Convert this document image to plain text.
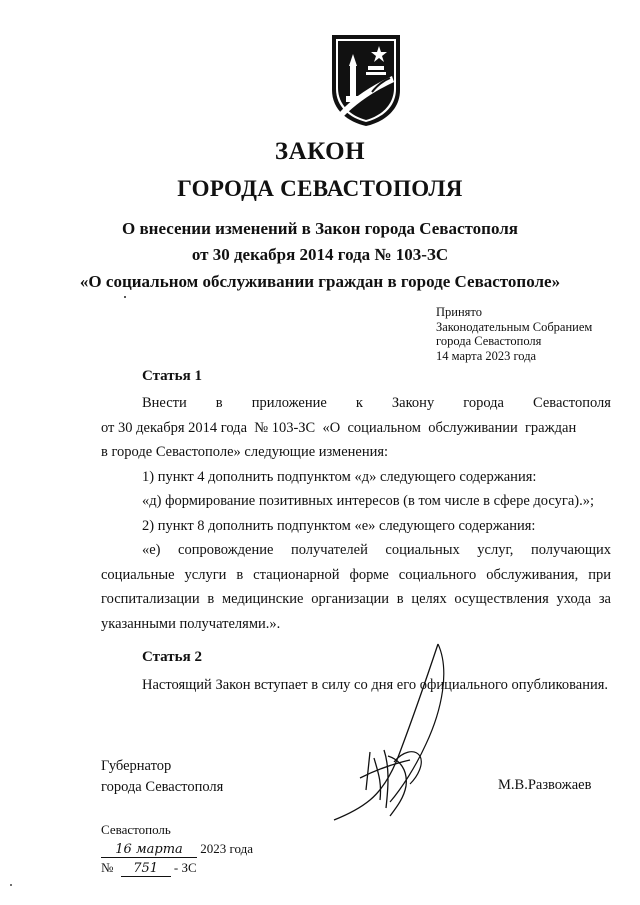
ЗАКОН
ГОРОДА СЕВАСТОПОЛЯ
О внесении изменений в Закон города Севастополя
от 30 декабря 2014 года № 103-ЗС
«О социальном обслуживании граждан в городе Севастополе»
Принято
Законодательным Собранием
города Севастополя
14 марта 2023 года
Статья 1
Внести в приложение к Закону города Севастополя
от 30 декабря 2014 года  № 103-ЗС  «О  социальном  обслуживании  граждан
в городе Севастополе» следующие изменения:
1) пункт 4 дополнить подпунктом «д» следующего содержания:
«д) формирование позитивных интересов (в том числе в сфере досуга).»;
2) пункт 8 дополнить подпунктом «е» следующего содержания:
«е) сопровождение получателей социальных услуг, получающих социальные услуги в стационарной форме социального обслуживания, при госпитализации в медицинские организации в целях осуществления ухода за указанными получателями.».
Статья 2
Настоящий Закон вступает в силу со дня его официального опубликования.
Губернатор
города Севастополя	М.В.Развожаев
Севастополь
16 марта 2023 года
№ 751 - ЗС
